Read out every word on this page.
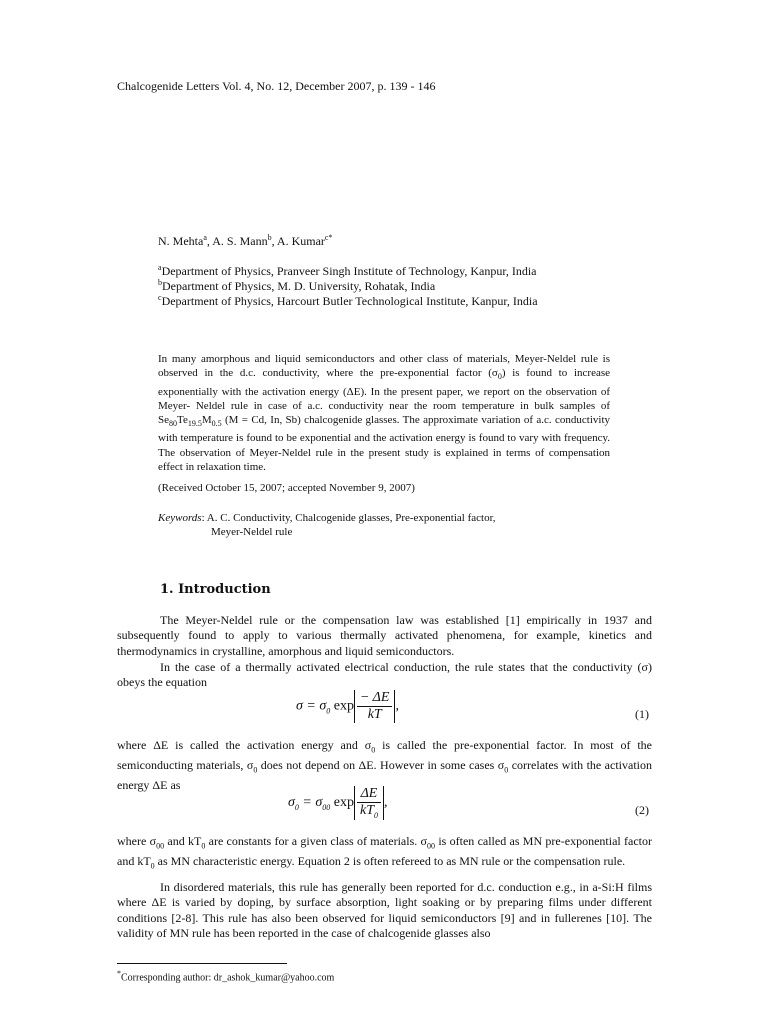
Chalcogenide Letters Vol. 4, No. 12, December 2007, p. 139 - 146
N. Mehta$^a$, A. S. Mann$^b$, A. Kumar$^{c*}$
$^a$Department of Physics, Pranveer Singh Institute of Technology, Kanpur, India
$^b$Department of Physics, M. D. University, Rohatak, India
$^c$Department of Physics, Harcourt Butler Technological Institute, Kanpur, India
In many amorphous and liquid semiconductors and other class of materials, Meyer-Neldel rule is observed in the d.c. conductivity, where the pre-exponential factor $(\sigma_0)$ is found to increase exponentially with the activation energy (ΔE). In the present paper, we report on the observation of Meyer- Neldel rule in case of a.c. conductivity near the room temperature in bulk samples of $Se_{80}Te_{19.5}M_{0.5}$ (M = Cd, In, Sb) chalcogenide glasses. The approximate variation of a.c. conductivity with temperature is found to be exponential and the activation energy is found to vary with frequency. The observation of Meyer-Neldel rule in the present study is explained in terms of compensation effect in relaxation time.
(Received October 15, 2007; accepted November 9, 2007)
Keywords: A. C. Conductivity, Chalcogenide glasses, Pre-exponential factor,
Meyer-Neldel rule
1. Introduction
The Meyer-Neldel rule or the compensation law was established [1] empirically in 1937 and subsequently found to apply to various thermally activated phenomena, for example, kinetics and thermodynamics in crystalline, amorphous and liquid semiconductors.
In the case of a thermally activated electrical conduction, the rule states that the conductivity (σ) obeys the equation
$\sigma = \sigma_0$ $\exp \frac{- \Delta E}{kT}$ ,
(1)
where ΔE is called the activation energy and $\sigma_0$ is called the pre-exponential factor. In most of the semiconducting materials, $\sigma_0$ does not depend on ΔE. However in some cases $\sigma_0$ correlates with the activation energy ΔE as
$\sigma_0 = \sigma_{00}$ $\exp \frac{\Delta E}{kT_0}$ ,	(2)
where $\sigma_{00}$ and $kT_0$ are constants for a given class of materials. $\sigma_{00}$ is often called as MN pre-exponential factor and $kT_0$ as MN characteristic energy. Equation 2 is often refereed to as MN rule or the compensation rule.
In disordered materials, this rule has generally been reported for d.c. conduction e.g., in a-Si:H films where ΔE is varied by doping, by surface absorption, light soaking or by preparing films under different conditions [2-8]. This rule has also been observed for liquid semiconductors [9] and in fullerenes [10]. The validity of MN rule has been reported in the case of chalcogenide glasses also
*Corresponding author: dr_ashok_kumar@yahoo.com
